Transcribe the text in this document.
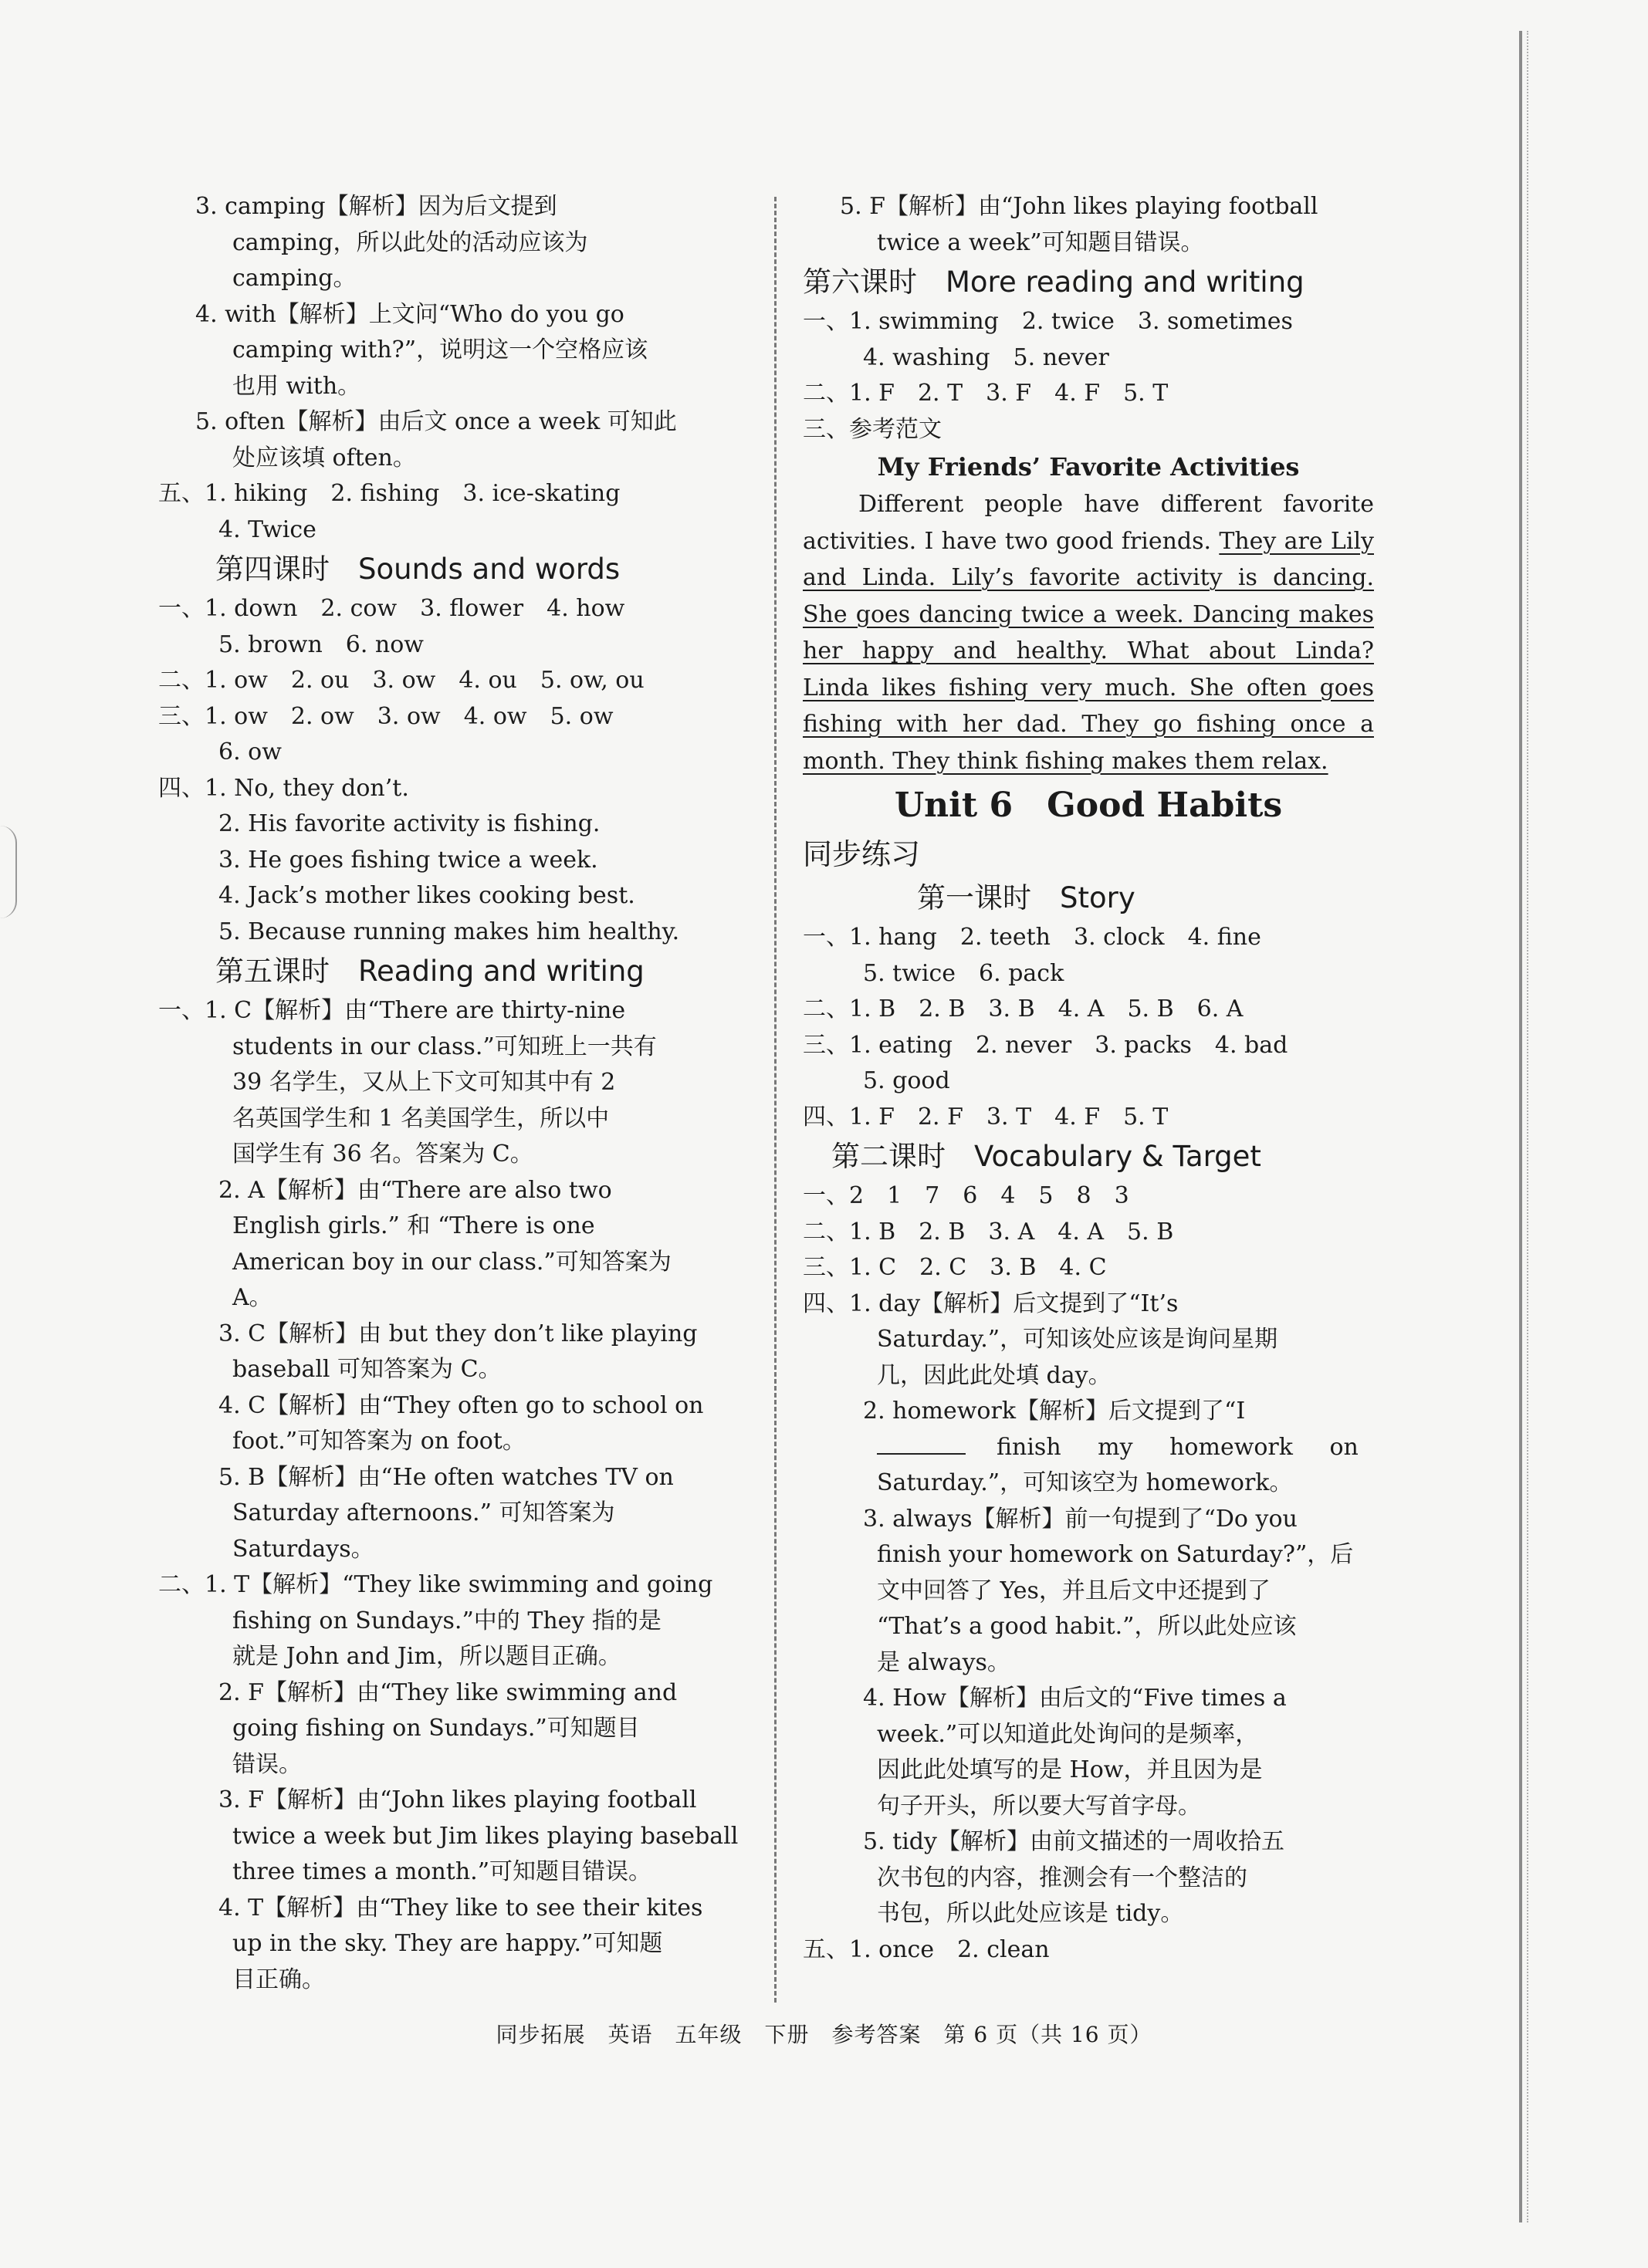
3. camping【解析】因为后文提到
camping，所以此处的活动应该为
camping。
4. with【解析】上文问“Who do you go
camping with?”，说明这一个空格应该
也用 with。
5. often【解析】由后文 once a week 可知此
处应该填 often。
五、1. hiking　2. fishing　3. ice-skating
　4. Twice
　　第四课时　Sounds and words
一、1. down　2. cow　3. flower　4. how
　5. brown　6. now
二、1. ow　2. ou　3. ow　4. ou　5. ow, ou
三、1. ow　2. ow　3. ow　4. ow　5. ow
　6. ow
四、1. No, they don’t.
　2. His favorite activity is fishing.
　3. He goes fishing twice a week.
　4. Jack’s mother likes cooking best.
　5. Because running makes him healthy.
　　第五课时　Reading and writing
一、1. C【解析】由“There are thirty-nine
students in our class.”可知班上一共有
39 名学生，又从上下文可知其中有 2
名英国学生和 1 名美国学生，所以中
国学生有 36 名。答案为 C。
　2. A【解析】由“There are also two
English girls.” 和 “There is one
American boy in our class.”可知答案为
A。
　3. C【解析】由 but they don’t like playing
baseball 可知答案为 C。
　4. C【解析】由“They often go to school on
foot.”可知答案为 on foot。
　5. B【解析】由“He often watches TV on
Saturday afternoons.” 可知答案为
Saturdays。
二、1. T【解析】“They like swimming and going
fishing on Sundays.”中的 They 指的是
就是 John and Jim，所以题目正确。
　2. F【解析】由“They like swimming and
going fishing on Sundays.”可知题目
错误。
　3. F【解析】由“John likes playing football
twice a week but Jim likes playing baseball
three times a month.”可知题目错误。
　4. T【解析】由“They like to see their kites
up in the sky. They are happy.”可知题
目正确。
5. F【解析】由“John likes playing football
twice a week”可知题目错误。
第六课时　More reading and writing
一、1. swimming　2. twice　3. sometimes
　4. washing　5. never
二、1. F　2. T　3. F　4. F　5. T
三、参考范文
My Friends’ Favorite Activities
Different people have different favorite activities. I have two good friends. They are Lily and Linda. Lily’s favorite activity is dancing. She goes dancing twice a week. Dancing makes her happy and healthy. What about Linda? Linda likes fishing very much. She often goes fishing with her dad. They go fishing once a month. They think fishing makes them relax.
Unit 6　Good Habits
同步练习
　　　　第一课时　Story
一、1. hang　2. teeth　3. clock　4. fine
　5. twice　6. pack
二、1. B　2. B　3. B　4. A　5. B　6. A
三、1. eating　2. never　3. packs　4. bad
　5. good
四、1. F　2. F　3. T　4. F　5. T
　第二课时　Vocabulary & Target
一、2　1　7　6　4　5　8　3
二、1. B　2. B　3. A　4. A　5. B
三、1. C　2. C　3. B　4. C
四、1. day【解析】后文提到了“It’s
Saturday.”，可知该处应该是询问星期
几，因此此处填 day。
　2. homework【解析】后文提到了“I
finish my homework on
Saturday.”，可知该空为 homework。
　3. always【解析】前一句提到了“Do you
finish your homework on Saturday?”，后
文中回答了 Yes，并且后文中还提到了
“That’s a good habit.”，所以此处应该
是 always。
　4. How【解析】由后文的“Five times a
week.”可以知道此处询问的是频率，
因此此处填写的是 How，并且因为是
句子开头，所以要大写首字母。
　5. tidy【解析】由前文描述的一周收拾五
次书包的内容，推测会有一个整洁的
书包，所以此处应该是 tidy。
五、1. once　2. clean
同步拓展　英语　五年级　下册　参考答案　第 6 页（共 16 页）
